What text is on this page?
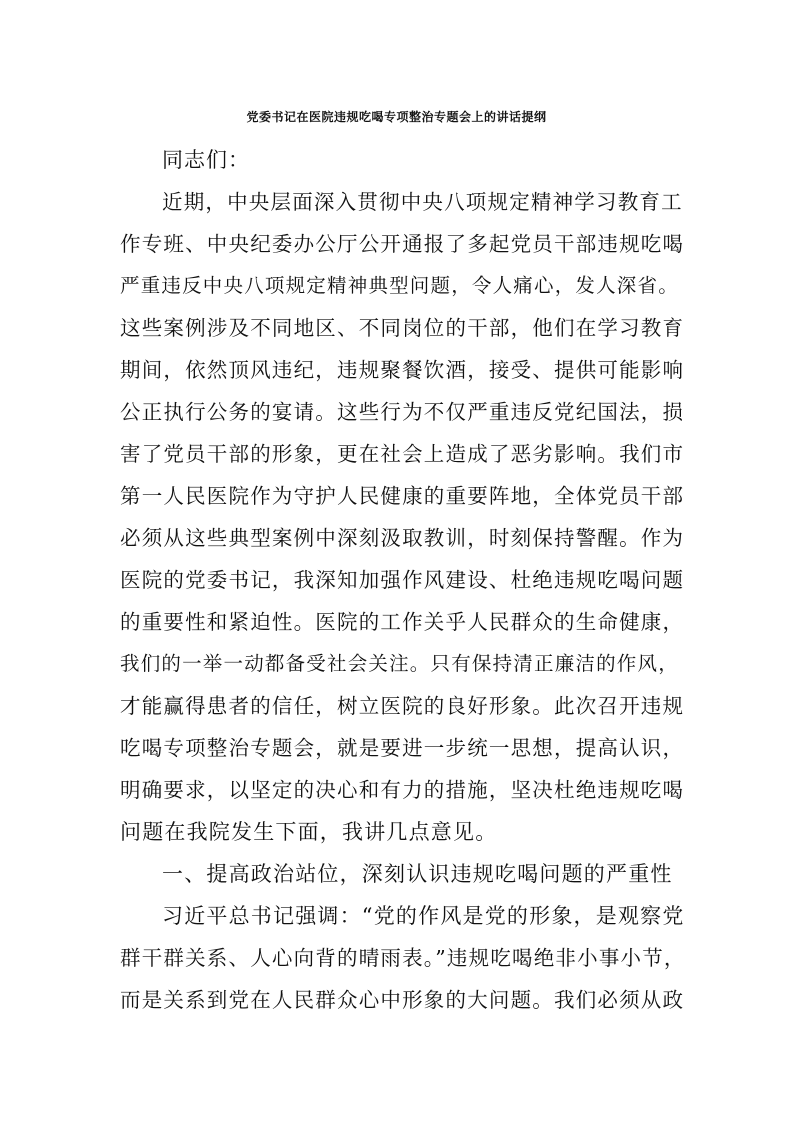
党委书记在医院违规吃喝专项整治专题会上的讲话提纲
同志们：
近期，中央层面深入贯彻中央八项规定精神学习教育工
作专班、中央纪委办公厅公开通报了多起党员干部违规吃喝
严重违反中央八项规定精神典型问题，令人痛心，发人深省。
这些案例涉及不同地区、不同岗位的干部，他们在学习教育
期间，依然顶风违纪，违规聚餐饮酒，接受、提供可能影响
公正执行公务的宴请。这些行为不仅严重违反党纪国法，损
害了党员干部的形象，更在社会上造成了恶劣影响。我们市
第一人民医院作为守护人民健康的重要阵地，全体党员干部
必须从这些典型案例中深刻汲取教训，时刻保持警醒。作为
医院的党委书记，我深知加强作风建设、杜绝违规吃喝问题
的重要性和紧迫性。医院的工作关乎人民群众的生命健康，
我们的一举一动都备受社会关注。只有保持清正廉洁的作风，
才能赢得患者的信任，树立医院的良好形象。此次召开违规
吃喝专项整治专题会，就是要进一步统一思想，提高认识，
明确要求，以坚定的决心和有力的措施，坚决杜绝违规吃喝
问题在我院发生下面，我讲几点意见。
一、提高政治站位，深刻认识违规吃喝问题的严重性
习近平总书记强调：“党的作风是党的形象，是观察党
群干群关系、人心向背的晴雨表。”违规吃喝绝非小事小节，
而是关系到党在人民群众心中形象的大问题。我们必须从政
